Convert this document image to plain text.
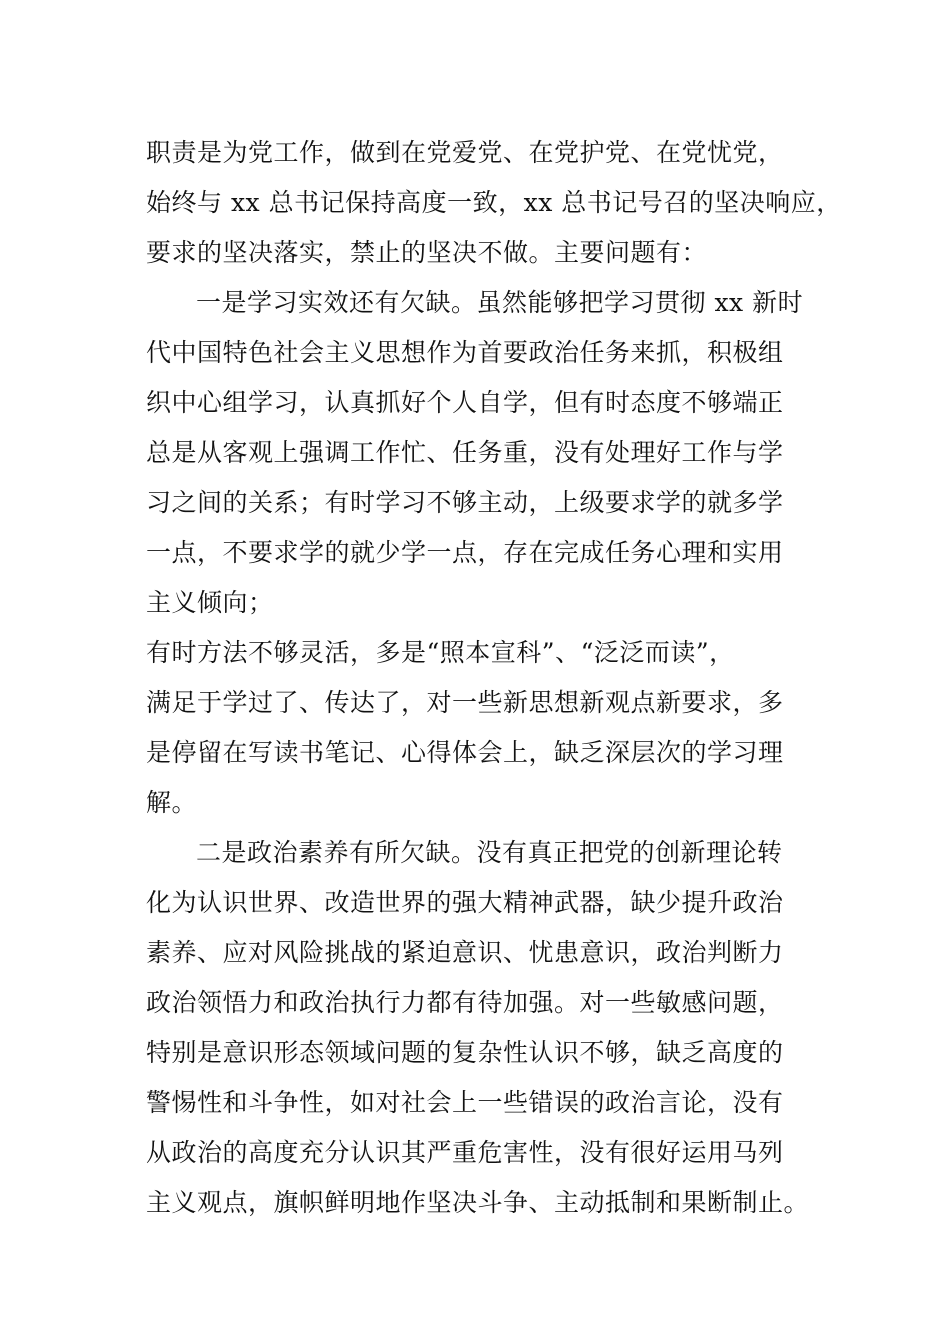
职责是为党工作，做到在党爱党、在党护党、在党忧党，
始终与 xx 总书记保持高度一致，xx 总书记号召的坚决响应，
要求的坚决落实，禁止的坚决不做。主要问题有：
一是学习实效还有欠缺。虽然能够把学习贯彻 xx 新时
代中国特色社会主义思想作为首要政治任务来抓，积极组
织中心组学习，认真抓好个人自学，但有时态度不够端正
总是从客观上强调工作忙、任务重，没有处理好工作与学
习之间的关系；有时学习不够主动，上级要求学的就多学
一点，不要求学的就少学一点，存在完成任务心理和实用
主义倾向；
有时方法不够灵活，多是“照本宣科”、“泛泛而读”，
满足于学过了、传达了，对一些新思想新观点新要求，多
是停留在写读书笔记、心得体会上，缺乏深层次的学习理
解。
二是政治素养有所欠缺。没有真正把党的创新理论转
化为认识世界、改造世界的强大精神武器，缺少提升政治
素养、应对风险挑战的紧迫意识、忧患意识，政治判断力
政治领悟力和政治执行力都有待加强。对一些敏感问题，
特别是意识形态领域问题的复杂性认识不够，缺乏高度的
警惕性和斗争性，如对社会上一些错误的政治言论，没有
从政治的高度充分认识其严重危害性，没有很好运用马列
主义观点，旗帜鲜明地作坚决斗争、主动抵制和果断制止。
